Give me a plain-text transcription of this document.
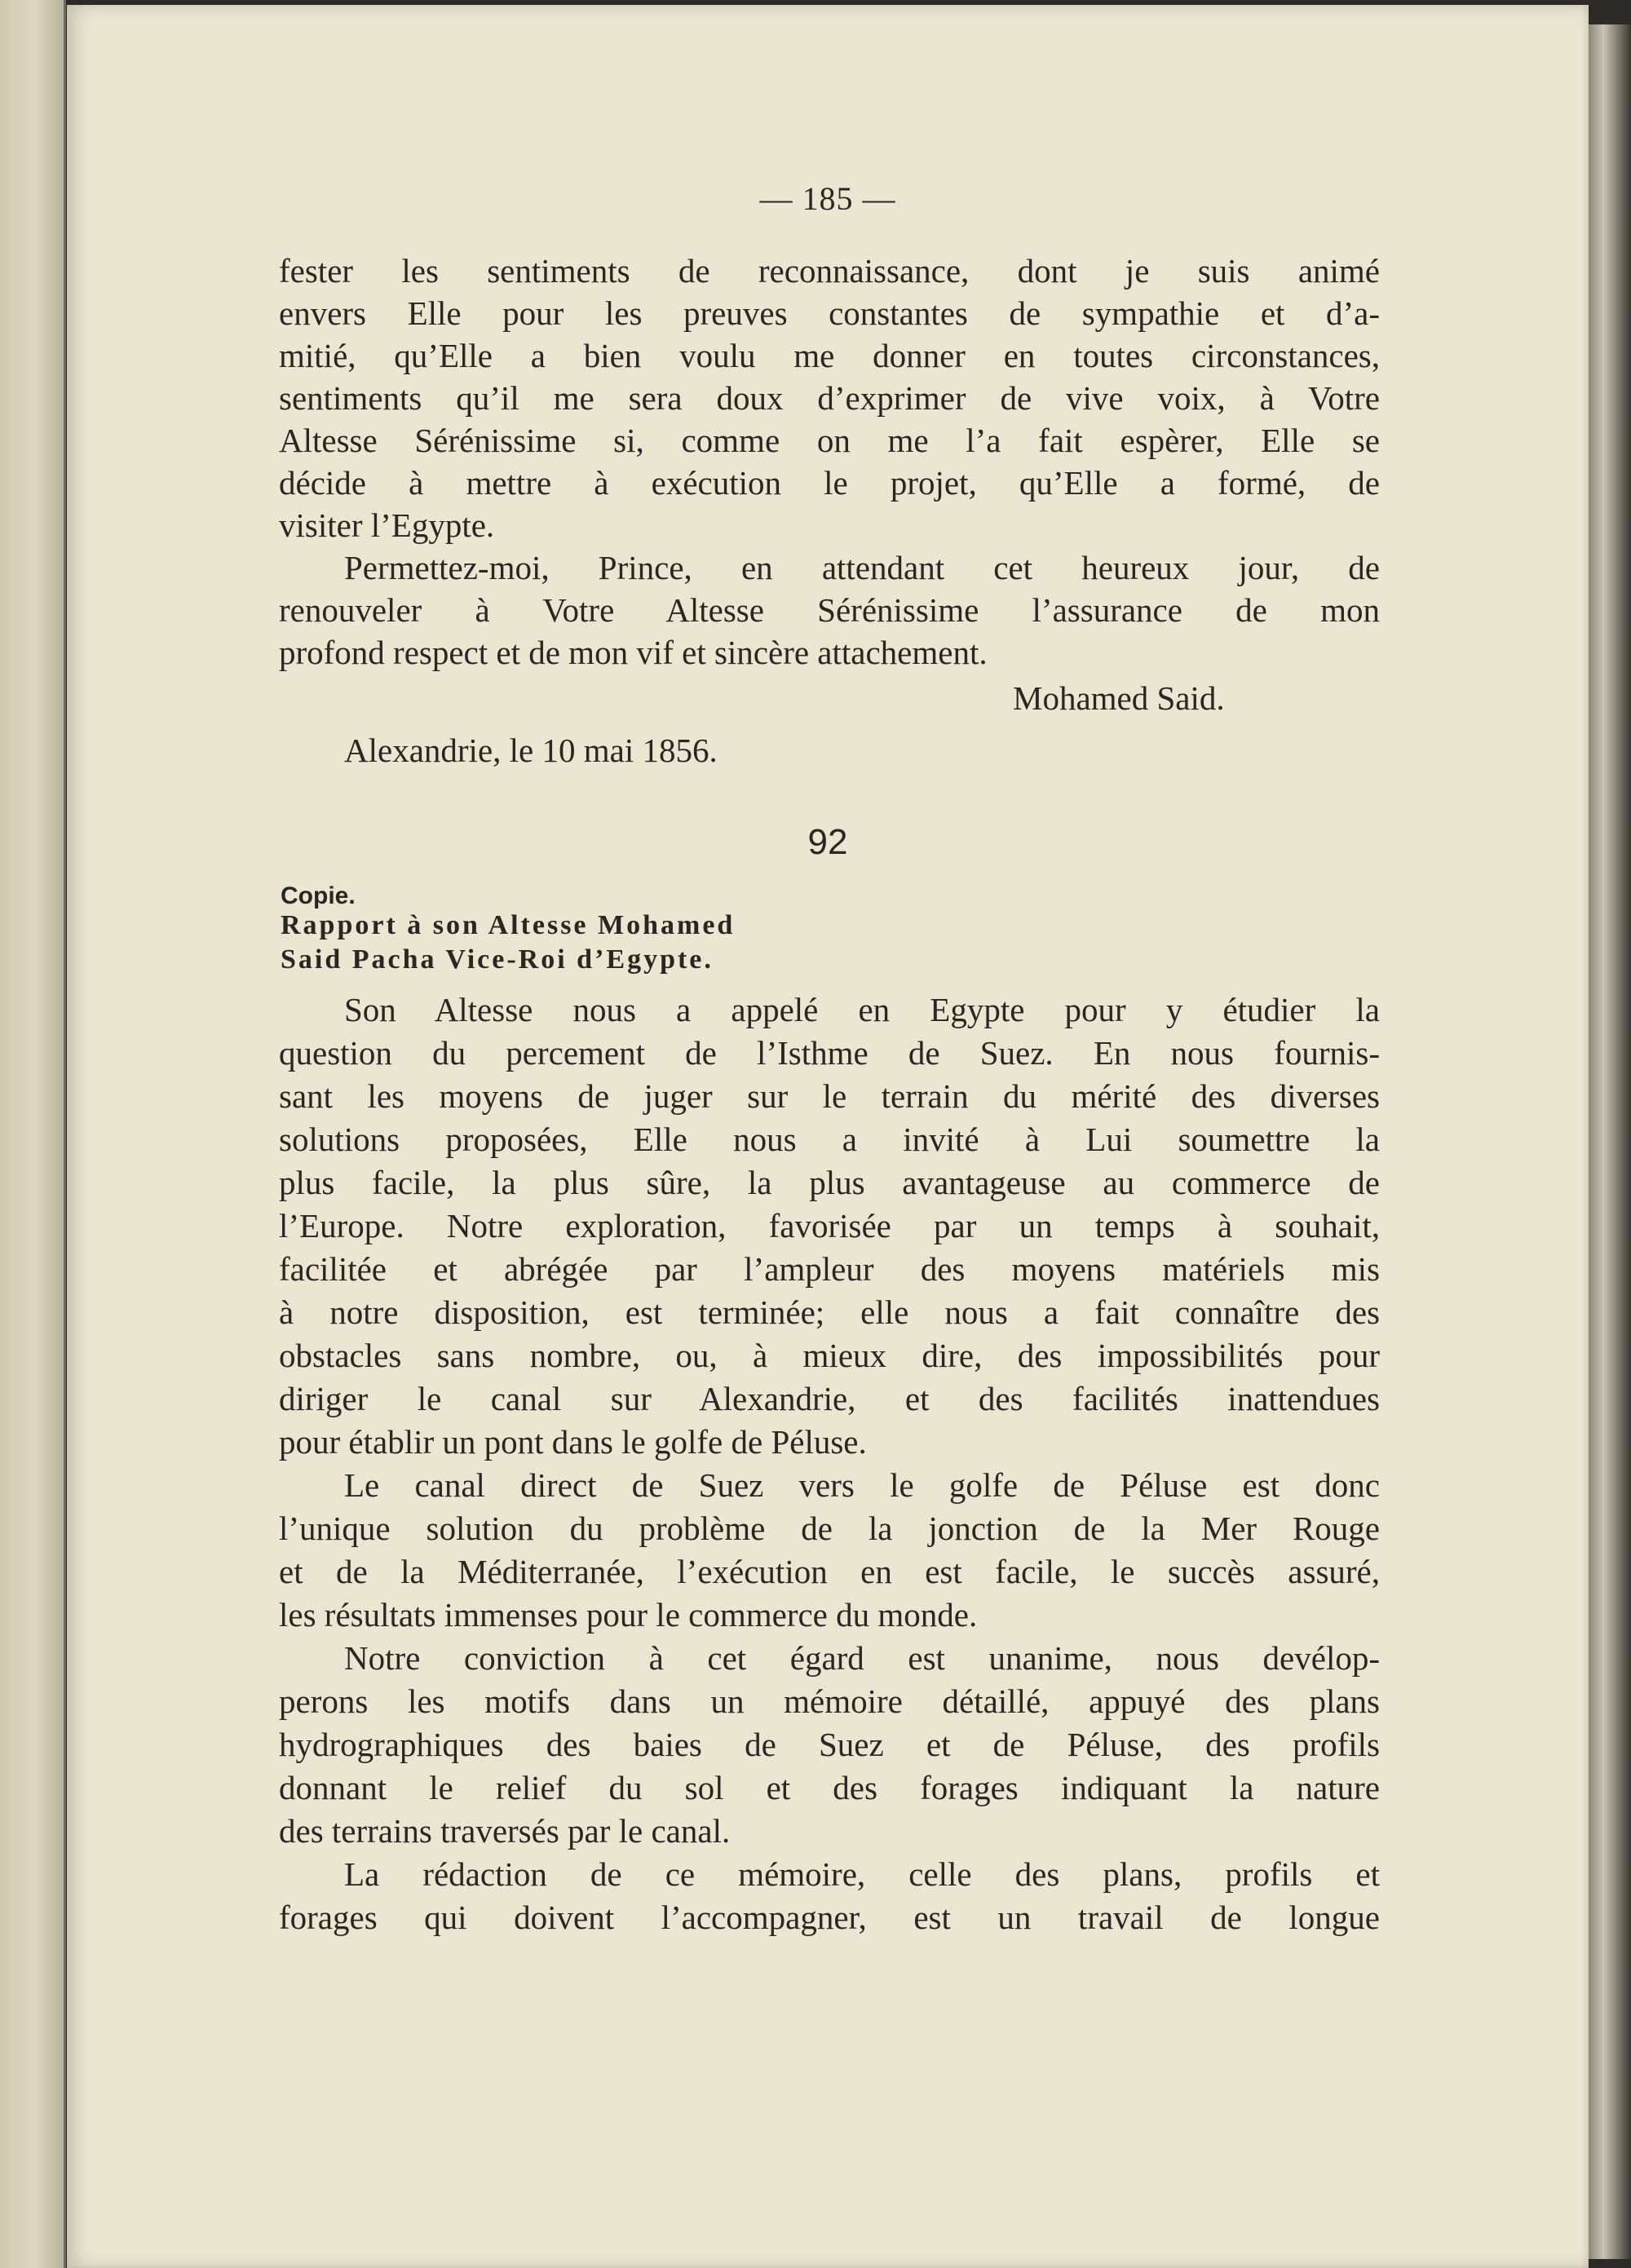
— 185 —
fester les sentiments de reconnaissance, dont je suis animé
envers Elle pour les preuves constantes de sympathie et d’a-
mitié, qu’Elle a bien voulu me donner en toutes circonstances,
sentiments qu’il me sera doux d’exprimer de vive voix, à Votre
Altesse Sérénissime si, comme on me l’a fait espèrer, Elle se
décide à mettre à exécution le projet, qu’Elle a formé, de
visiter l’Egypte.
Permettez-moi, Prince, en attendant cet heureux jour, de
renouveler à Votre Altesse Sérénissime l’assurance de mon
profond respect et de mon vif et sincère attachement.
Mohamed Said.
Alexandrie, le 10 mai 1856.
92
Copie.
Rapport à son Altesse Mohamed
Said Pacha Vice-Roi d’Egypte.
Son Altesse nous a appelé en Egypte pour y étudier la
question du percement de l’Isthme de Suez. En nous fournis-
sant les moyens de juger sur le terrain du mérité des diverses
solutions proposées, Elle nous a invité à Lui soumettre la
plus facile, la plus sûre, la plus avantageuse au commerce de
l’Europe. Notre exploration, favorisée par un temps à souhait,
facilitée et abrégée par l’ampleur des moyens matériels mis
à notre disposition, est terminée; elle nous a fait connaître des
obstacles sans nombre, ou, à mieux dire, des impossibilités pour
diriger le canal sur Alexandrie, et des facilités inattendues
pour établir un pont dans le golfe de Péluse.
Le canal direct de Suez vers le golfe de Péluse est donc
l’unique solution du problème de la jonction de la Mer Rouge
et de la Méditerranée, l’exécution en est facile, le succès assuré,
les résultats immenses pour le commerce du monde.
Notre conviction à cet égard est unanime, nous devélop-
perons les motifs dans un mémoire détaillé, appuyé des plans
hydrographiques des baies de Suez et de Péluse, des profils
donnant le relief du sol et des forages indiquant la nature
des terrains traversés par le canal.
La rédaction de ce mémoire, celle des plans, profils et
forages qui doivent l’accompagner, est un travail de longue
